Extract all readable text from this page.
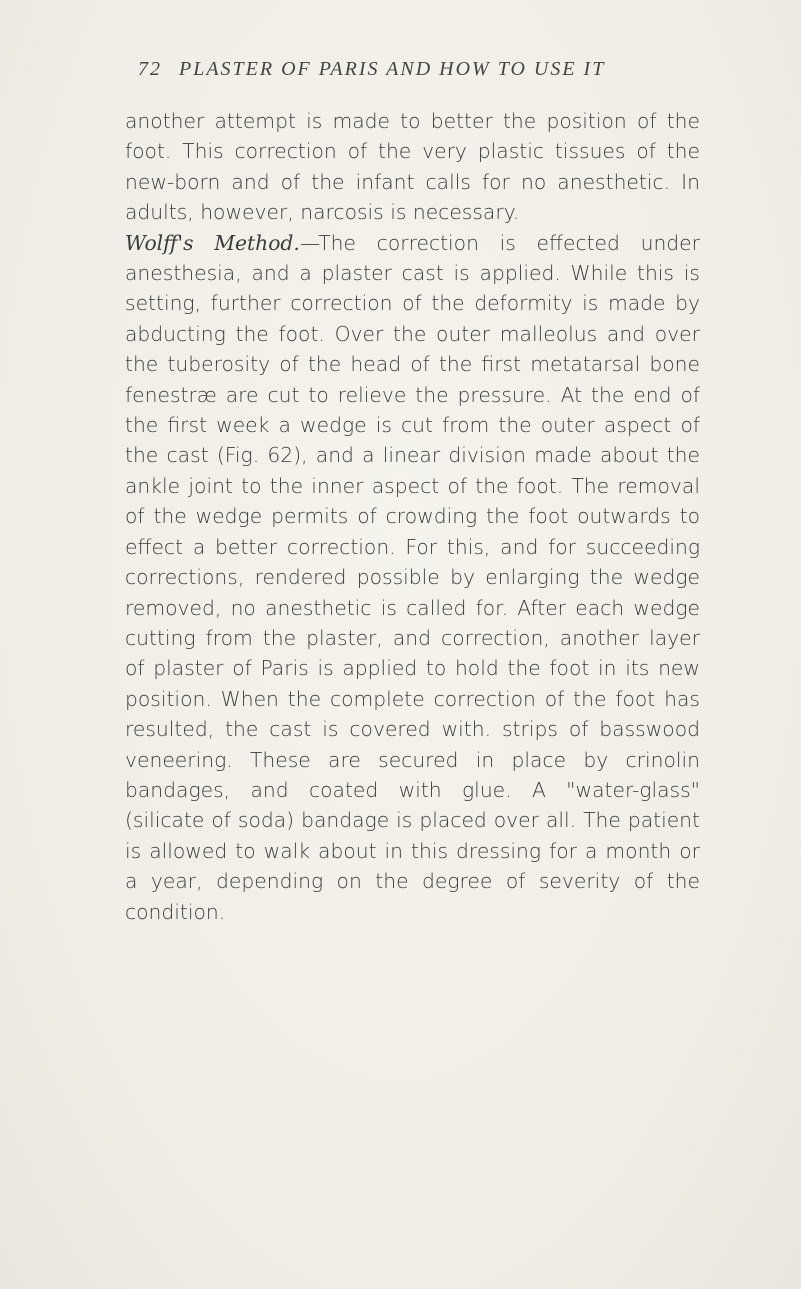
72 PLASTER OF PARIS AND HOW TO USE IT

another attempt is made to better the position of the foot. This correction of the very plastic tissues of the new-born and of the infant calls for no anesthetic. In adults, however, narcosis is necessary.

Wolff's Method.—The correction is effected under anesthesia, and a plaster cast is applied. While this is setting, further correction of the deformity is made by abducting the foot. Over the outer malleolus and over the tuberosity of the head of the first metatarsal bone fenestræ are cut to relieve the pressure. At the end of the first week a wedge is cut from the outer aspect of the cast (Fig. 62), and a linear division made about the ankle joint to the inner aspect of the foot. The removal of the wedge permits of crowding the foot outwards to effect a better correction. For this, and for succeeding corrections, rendered possible by enlarging the wedge removed, no anesthetic is called for. After each wedge cutting from the plaster, and correction, another layer of plaster of Paris is applied to hold the foot in its new position. When the complete correction of the foot has resulted, the cast is covered with. strips of basswood veneering. These are secured in place by crinolin bandages, and coated with glue. A "water-glass" (silicate of soda) bandage is placed over all. The patient is allowed to walk about in this dressing for a month or a year, depending on the degree of severity of the condition.
